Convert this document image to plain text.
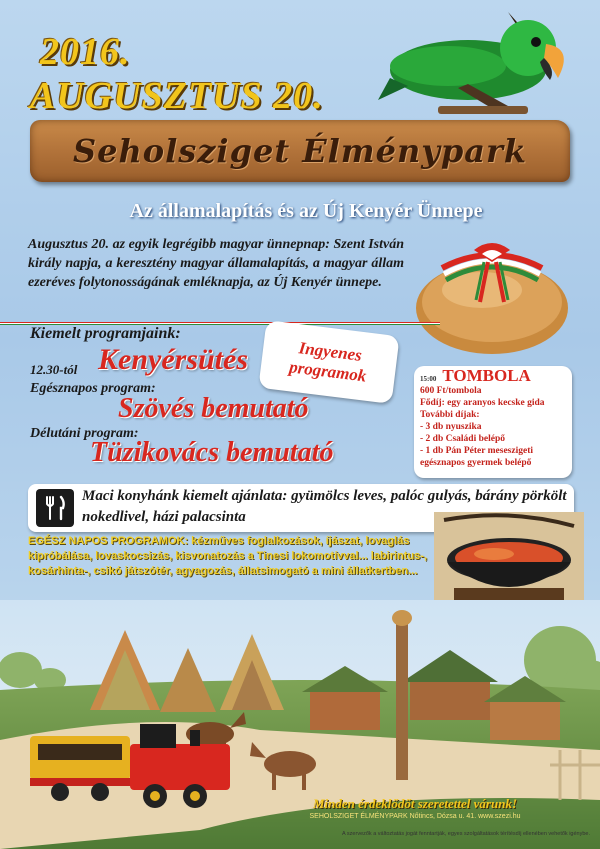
2016.
AUGUSZTUS 20.
Seholsziget Élménypark
Az államalapítás és az Új Kenyér Ünnepe
Augusztus 20. az egyik legrégibb magyar ünnepnap: Szent István király napja, a keresztény magyar államalapítás, a magyar állam ezeréves folytonosságának emléknapja, az Új Kenyér ünnepe.
Kiemelt programjaink:
12.30-tól Kenyérsütés	Ingyenes
programok
Egésznapos program:
Szövés bemutató
Délutáni program:
Tüzikovács bemutató
15:00 TOMBOLA
600 Ft/tombola
Fődíj: egy aranyos kecske gida
További díjak:
- 3 db nyuszika
- 2 db Családi belépő
- 1 db Pán Péter meseszigeti egésznapos gyermek belépő
Maci konyhánk kiemelt ajánlata: gyümölcs leves, palóc gulyás, bárány pörkölt nokedlivel, házi palacsinta
EGÉSZ NAPOS PROGRAMOK: kézműves foglalkozások, íjászat, lovaglás kipróbálása, lovaskocsizás, kisvonatozás a Tinesi lokomotívval... labirintus-, kosárhinta-, csikó játszótér, agyagozás, állatsimogató a mini állatkertben...
Minden érdeklődőt szeretettel várunk!
SEHOLSZIGET ÉLMÉNYPARK Nőtincs, Dózsa u. 41. www.szezi.hu
A szervezők a változtatás jogát fenntartják, egyes szolgáltatások térítésdíj ellenében vehetők igénybe.
